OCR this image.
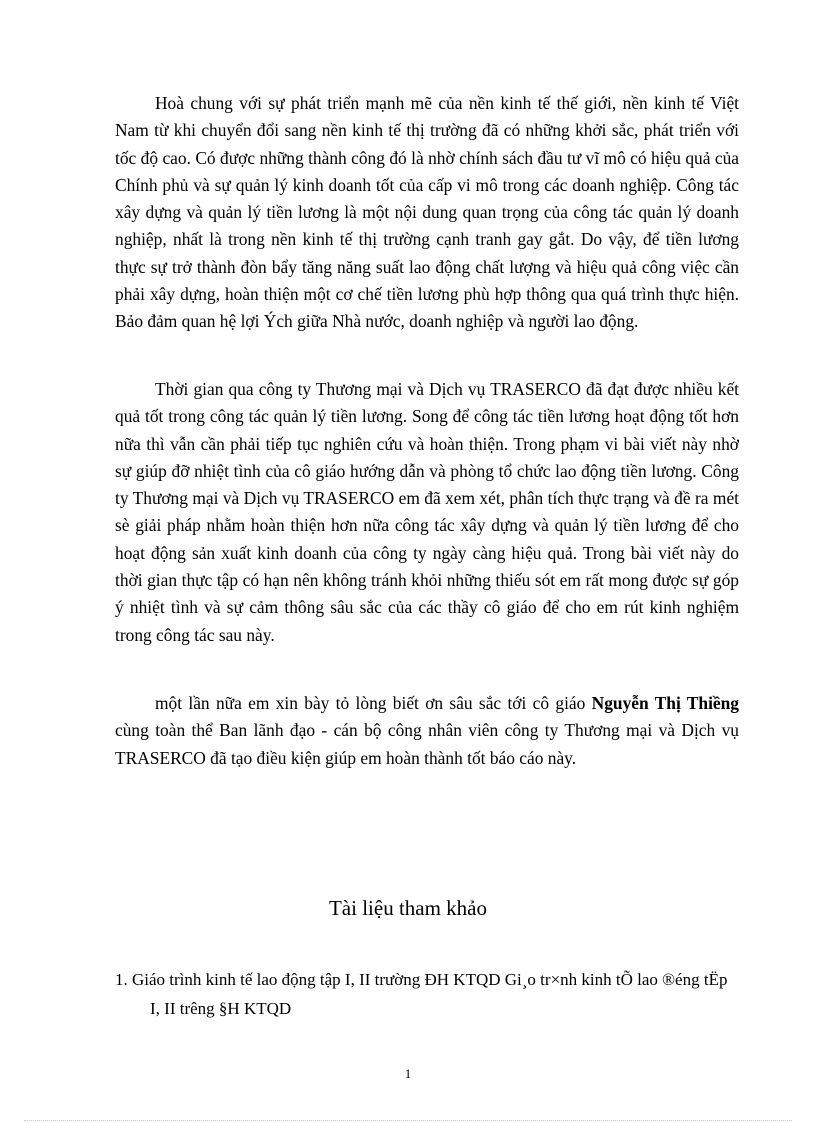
Hoà chung với sự phát triển mạnh mẽ của nền kinh tế thế giới, nền kinh tế Việt Nam từ khi chuyển đổi sang nền kinh tế thị trường đã có những khởi sắc, phát triển với tốc độ cao. Có được những thành công đó là nhờ chính sách đầu tư vĩ mô có hiệu quả của Chính phủ và sự quản lý kinh doanh tốt của cấp vi mô trong các doanh nghiệp. Công tác xây dựng và quản lý tiền lương là một nội dung quan trọng của công tác quản lý doanh nghiệp, nhất là trong nền kinh tế thị trường cạnh tranh gay gắt. Do vậy, để tiền lương thực sự trở thành đòn bẩy tăng năng suất lao động chất lượng và hiệu quả công việc cần phải xây dựng, hoàn thiện một cơ chế tiền lương phù hợp thông qua quá trình thực hiện. Bảo đảm quan hệ lợi Ých giữa Nhà nước, doanh nghiệp và người lao động.

Thời gian qua công ty Thương mại và Dịch vụ TRASERCO đã đạt được nhiều kết quả tốt trong công tác quản lý tiền lương. Song để công tác tiền lương hoạt động tốt hơn nữa thì vẫn cần phải tiếp tục nghiên cứu và hoàn thiện. Trong phạm vi bài viết này nhờ sự giúp đỡ nhiệt tình của cô giáo hướng dẫn và phòng tổ chức lao động tiền lương. Công ty Thương mại và Dịch vụ TRASERCO em đã xem xét, phân tích thực trạng và đề ra mét sè giải pháp nhằm hoàn thiện hơn nữa công tác xây dựng và quản lý tiền lương để cho hoạt động sản xuất kinh doanh của công ty ngày càng hiệu quả. Trong bài viết này do thời gian thực tập có hạn nên không tránh khỏi những thiếu sót em rất mong được sự góp ý nhiệt tình và sự cảm thông sâu sắc của các thầy cô giáo để cho em rút kinh nghiệm trong công tác sau này.

một lần nữa em xin bày tỏ lòng biết ơn sâu sắc tới cô giáo Nguyễn Thị Thiềng cùng toàn thể Ban lãnh đạo - cán bộ công nhân viên công ty Thương mại và Dịch vụ TRASERCO đã tạo điều kiện giúp em hoàn thành tốt báo cáo này.

Tài liệu tham khảo

1. Giáo trình kinh tế lao động tập I, II trường ĐH KTQD Gi¸o tr×nh kinh tÕ lao ®éng tËp I, II trêng §H KTQD

1
